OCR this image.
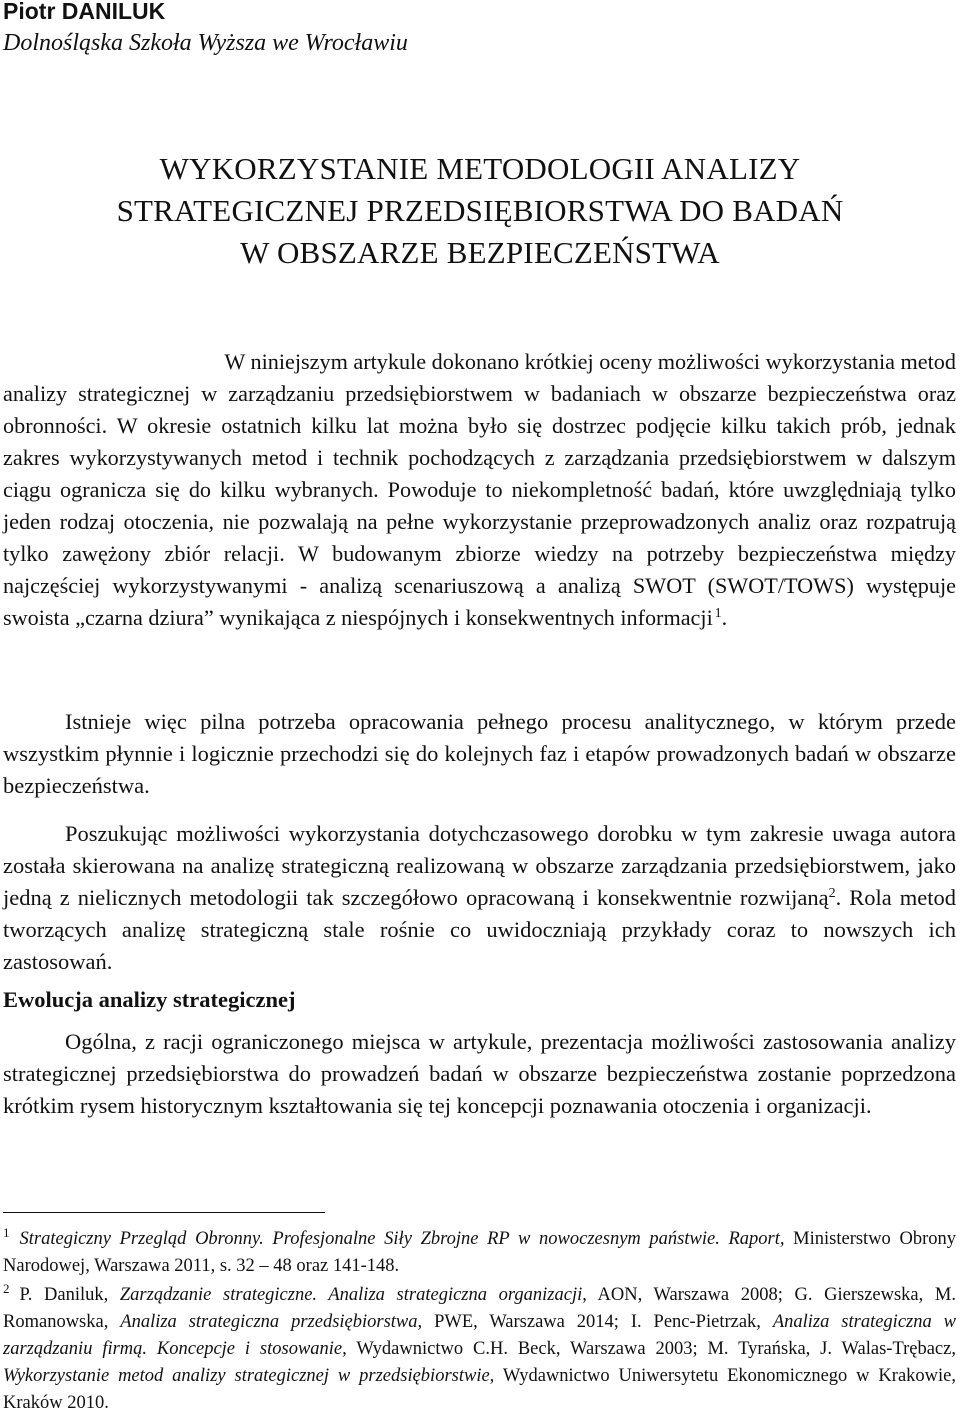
Piotr DANILUK

Dolnośląska Szkoła Wyższa we Wrocławiu

WYKORZYSTANIE METODOLOGII ANALIZY
STRATEGICZNEJ PRZEDSIĘBIORSTWA DO BADAŃ
W OBSZARZE BEZPIECZEŃSTWA

W niniejszym artykule dokonano krótkiej oceny możliwości wykorzystania metod
analizy strategicznej w zarządzaniu przedsiębiorstwem w badaniach w obszarze bezpieczeństwa oraz obronności. W okresie ostatnich kilku lat można było się dostrzec podjęcie kilku takich prób, jednak zakres wykorzystywanych metod i technik pochodzących z zarządzania przedsiębiorstwem w dalszym ciągu ogranicza się do kilku wybranych. Powoduje to niekompletność badań, które uwzględniają tylko jeden rodzaj otoczenia, nie pozwalają na pełne wykorzystanie przeprowadzonych analiz oraz rozpatrują tylko zawężony zbiór relacji. W budowanym zbiorze wiedzy na potrzeby bezpieczeństwa między najczęściej wykorzystywanymi - analizą scenariuszową a analizą SWOT (SWOT/TOWS) występuje swoista „czarna dziura” wynikająca z niespójnych i konsekwentnych informacji  $^1$.

Istnieje więc pilna potrzeba opracowania pełnego procesu analitycznego, w którym przede wszystkim płynnie i logicznie przechodzi się do kolejnych faz i etapów prowadzonych badań w obszarze bezpieczeństwa.

Poszukując możliwości wykorzystania dotychczasowego dorobku w tym zakresie uwaga autora została skierowana na analizę strategiczną realizowaną w obszarze zarządzania przedsiębiorstwem, jako jedną z nielicznych metodologii tak szczegółowo opracowaną i konsekwentnie rozwijaną$^2$. Rola metod tworzących analizę strategiczną stale rośnie co uwidoczniają przykłady coraz to nowszych ich zastosowań.

Ewolucja analizy strategicznej

Ogólna, z racji ograniczonego miejsca w artykule, prezentacja możliwości zastosowania analizy strategicznej przedsiębiorstwa do prowadzeń badań w obszarze bezpieczeństwa zostanie poprzedzona krótkim rysem historycznym kształtowania się tej koncepcji poznawania otoczenia i organizacji.

$^1$ Strategiczny Przegląd Obronny. Profesjonalne Siły Zbrojne RP w nowoczesnym państwie. Raport, Ministerstwo Obrony Narodowej, Warszawa 2011, s. 32 – 48 oraz 141-148.

$^2$ P. Daniluk, Zarządzanie strategiczne. Analiza strategiczna organizacji, AON, Warszawa 2008; G. Gierszewska, M. Romanowska, Analiza strategiczna przedsiębiorstwa, PWE, Warszawa 2014; I. Penc-Pietrzak, Analiza strategiczna w zarządzaniu firmą. Koncepcje i stosowanie, Wydawnictwo C.H. Beck, Warszawa 2003; M. Tyrańska, J. Walas-Trębacz, Wykorzystanie metod analizy strategicznej w przedsiębiorstwie, Wydawnictwo Uniwersytetu Ekonomicznego w Krakowie, Kraków 2010.
